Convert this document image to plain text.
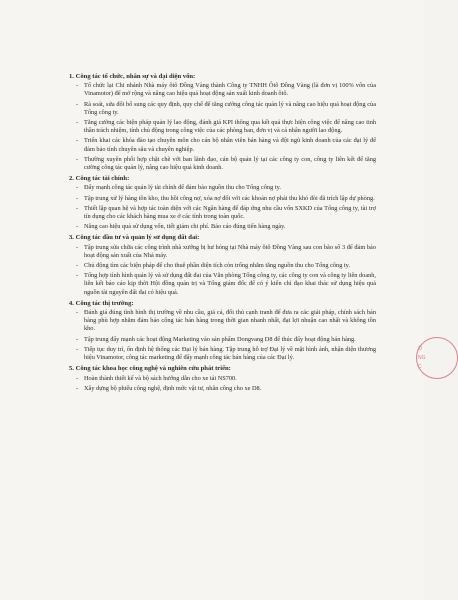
1. Công tác tổ chức, nhân sự và đại diện vốn:
- Tổ chức lại Chi nhánh Nhà máy ôtô Đồng Vàng thành Công ty TNHH Ôtô Đồng Vàng (là đơn vị 100% vốn của Vinamotor) để mở rộng và nâng cao hiệu quả hoạt động sản xuất kinh doanh ôtô.
- Rà soát, sửa đổi bổ sung các quy định, quy chế để tăng cường công tác quản lý và nâng cao hiệu quả hoạt động của Tổng công ty.
- Tăng cường các biện pháp quản lý lao động, đánh giá KPI thông qua kết quả thực hiện công việc để nâng cao tinh thần trách nhiệm, tính chủ động trong công việc của các phòng ban, đơn vị và cá nhân người lao động.
- Triển khai các khóa đào tạo chuyên môn cho cán bộ nhân viên bán hàng và đội ngũ kinh doanh của các đại lý để đảm bảo tính chuyên sâu và chuyên nghiệp.
- Thường xuyên phối hợp chặt chẽ với ban lãnh đạo, cán bộ quản lý tại các công ty con, công ty liên kết để tăng cường công tác quản lý, nâng cao hiệu quả kinh doanh.
2. Công tác tài chính:
- Đẩy mạnh công tác quản lý tài chính để đảm bảo nguồn thu cho Tổng công ty.
- Tập trung xử lý hàng tồn kho, thu hồi công nợ, xóa nợ đối với các khoản nợ phải thu khó đòi đã trích lập dự phòng.
- Thiết lập quan hệ và hợp tác toàn diện với các Ngân hàng để đáp ứng nhu cầu vốn SXKD của Tổng công ty, tài trợ tín dụng cho các khách hàng mua xe ở các tỉnh trong toàn quốc.
- Nâng cao hiệu quả sử dụng vốn, tiết giảm chi phí. Báo cáo đúng tiến hàng ngày.
3. Công tác đầu tư và quản lý sử dụng đất đai:
- Tập trung sửa chữa các công trình nhà xưởng bị hư hỏng tại Nhà máy ôtô Đồng Vàng sau con bão số 3 để đảm bảo hoạt động sản xuất của Nhà máy.
- Chủ động tìm các biện pháp để cho thuê phần diện tích còn trống nhằm tăng nguồn thu cho Tổng công ty.
- Tổng hợp tình hình quản lý và sử dụng đất đai của Văn phòng Tổng công ty, các công ty con và công ty liên doanh, liên kết báo cáo kịp thời Hội đồng quản trị và Tổng giám đốc để có ý kiến chỉ đạo khai thác sử dụng hiệu quả nguồn tài nguyên đất đai có hiệu quả.
4. Công tác thị trường:
- Đánh giá đúng tình hình thị trường về nhu cầu, giá cả, đối thủ cạnh tranh để đưa ra các giải pháp, chính sách bán hàng phù hợp nhằm đảm bảo công tác bán hàng trong thời gian nhanh nhất, đạt lợi nhuận cao nhất và không tồn kho.
- Tập trung đẩy mạnh các hoạt động Marketing vào sản phẩm Dongvang D8 để thúc đẩy hoạt động bán hàng.
- Tiếp tục duy trì, ổn định hệ thống các Đại lý bán hàng. Tập trung hỗ trợ Đại lý về mặt hình ảnh, nhận diện thương hiệu Vinamotor, công tác marketing để đẩy mạnh công tác bán hàng của các Đại lý.
5. Công tác khoa học công nghệ và nghiên cứu phát triển:
- Hoàn thành thiết kế và bộ sách hướng dẫn cho xe tải NS700.
- Xây dựng bộ phiếu công nghệ, định mức vật tư, nhân công cho xe D8.
Ô
NG
C
